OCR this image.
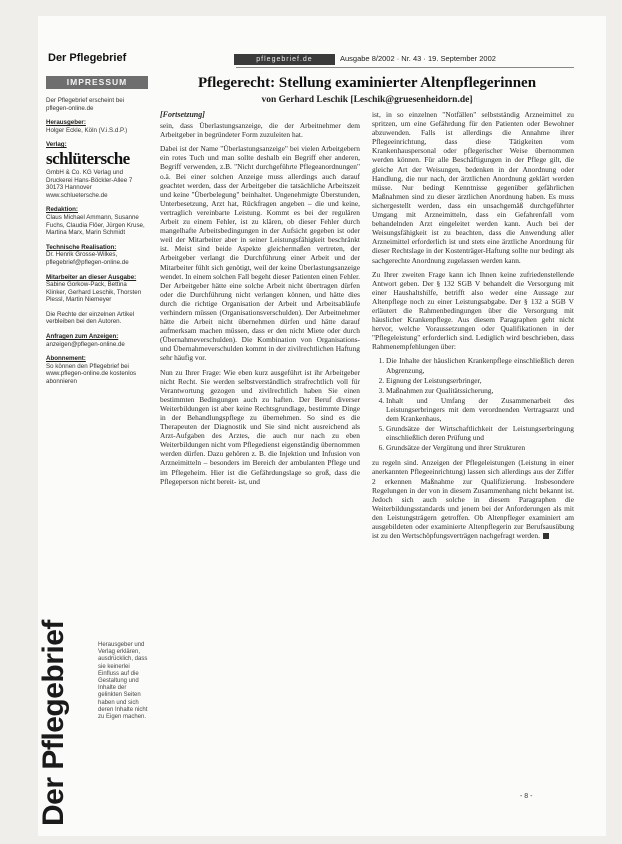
Der Pflegebrief	pflegebrief.de	Ausgabe 8/2002 · Nr. 43 · 19. September 2002
IMPRESSUM
Der Pflegebrief erscheint bei pflegen-online.de
Herausgeber:
Holger Eckle, Köln (V.i.S.d.P.)
Verlag:
schlütersche
GmbH & Co. KG Verlag und Druckerei Hans-Böckler-Allee 7 30173 Hannover www.schluetersche.de
Redaktion:
Claus Michael Ammann, Susanne Fuchs, Claudia Flöer, Jürgen Kruse, Martina Marx, Marin Schmidt
Technische Realisation:
Dr. Henrik Grosse-Wilkes, pflegebrief@pflegen-online.de
Mitarbeiter an dieser Ausgabe:
Sabine Gorkow-Pack, Bettina Klinker, Gerhard Leschik, Thorsten Plessl, Martin Niemeyer
Die Rechte der einzelnen Artikel verbleiben bei den Autoren.
Anfragen zum Anzeigen:
anzeigen@pflegen-online.de
Abonnement:
So können den Pflegebrief bei www.pflegen-online.de kostenlos abonnieren
Der Pflegebrief	Herausgeber und Verlag erklären, ausdrücklich, dass sie keinerlei Einfluss auf die Gestaltung und Inhalte der gelinkten Seiten haben und sich deren Inhalte nicht zu Eigen machen.
Pflegerecht: Stellung examinierter Altenpflegerinnen
von Gerhard Leschik [Leschik@gruesenheidorn.de]
[Fortsetzung]

sein, dass Überlastungsanzeige, die der Arbeitnehmer dem Arbeitgeber in begründeter Form zuzuleiten hat.

Dabei ist der Name "Überlastungsanzeige" bei vielen Arbeitgebern ein rotes Tuch und man sollte deshalb ein Begriff eher anderen, Begriff verwenden, z.B. "Nicht durchgeführte Pflegeanordnungen" o.ä. Bei einer solchen Anzeige muss allerdings auch darauf geachtet werden, dass der Arbeitgeber die tatsächliche Arbeitszeit und keine "Überbelegung" beinhaltet. Ungenehmigte Überstunden, Unterbesetzung, Arzt hat, Rückfragen angeben – die und keine, vertraglich vereinbarte Leistung. Kommt es bei der regulären Arbeit zu einem Fehler, ist zu klären, ob dieser Fehler durch mangelhafte Arbeitsbedingungen in der Aufsicht gegeben ist oder weil der Mitarbeiter aber in seiner Leistungsfähigkeit beschränkt ist. Meist sind beide Aspekte gleichermaßen vertreten, der Arbeitgeber verlangt die Durchführung einer Arbeit und der Mitarbeiter fühlt sich genötigt, weil der keine Überlastungsanzeige wendet. In einem solchen Fall begeht dieser Patienten einen Fehler. Der Arbeitgeber hätte eine solche Arbeit nicht übertragen dürfen oder die Durchführung nicht verlangen können, und hätte dies durch die richtige Organisation der Arbeit und Arbeitsabläufe verhindern müssen (Organisationsverschulden). Der Arbeitnehmer hätte die Arbeit nicht übernehmen dürfen und hätte darauf aufmerksam machen müssen, dass er den nicht Miete oder durch (Übernahmeverschulden). Die Kombination von Organisations- und Übernahmeverschulden kommt in der zivilrechtlichen Haftung sehr häufig vor.

Nun zu Ihrer Frage: Wie eben kurz ausgeführt ist ihr Arbeitgeber nicht Recht. Sie werden selbstverständlich strafrechtlich voll für Verantwortung gezogen und zivilrechtlich haben Sie einen bestimmten Bedingungen auch zu haften. Der Beruf diverser Weiterbildungen ist aber keine Rechtsgrundlage, bestimmte Dinge in der Behandlungspflege zu übernehmen. So sind es die Therapeuten der Diagnostik und Sie sind nicht ausreichend als Arzt-Aufgaben des Arztes, die auch nur nach zu eben Weiterbildungen nicht vom Pflegedienst eigenständig übernommen werden dürfen. Dazu gehören z. B. die Injektion und Infusion von Arzneimitteln – besonders im Bereich der ambulanten Pflege und im Pflegeheim. Hier ist die Gefährdungslage so groß, dass die Pflegeperson nicht bereit- ist, und

ist, in so einzelnen "Notfällen" selbstständig Arzneimittel zu spritzen, um eine Gefährdung für den Patienten oder Bewohner abzuwenden. Falls ist allerdings die Annahme ihrer Pflegeeinrichtung, dass diese Tätigkeiten vom Krankenhauspersonal oder pflegerischer Weise übernommen werden können. Für alle Beschäftigungen in der Pflege gilt, die gleiche Art der Weisungen, bedenken in der Anordnung oder Handlung, die nur nach, der ärztlichen Anordnung geklärt werden müsse. Nur bedingt Kenntnisse gegenüber gefährlichen Maßnahmen sind zu dieser ärztlichen Anordnung haben. Es muss sichergestellt werden, dass ein unsachgemäß durchgeführter Umgang mit Arzneimitteln, dass ein Gefahrenfall vom behandelnden Arzt eingeleitet werden kann. Auch bei der Weisungsfähigkeit ist zu beachten, dass die Anwendung aller Arzneimittel erforderlich ist und stets eine ärztliche Anordnung für dieser Rechtslage in der Kostenträger-Haftung sollte nur bedingt als sachgerechte Anordnung zugelassen werden kann.

Zu Ihrer zweiten Frage kann ich Ihnen keine zufriedenstellende Antwort geben. Der § 132 SGB V behandelt die Versorgung mit einer Haushaltshilfe, betrifft also weder eine Aussage zur Altenpflege noch zu einer Leistungsabgabe. Der § 132 a SGB V erläutert die Rahmenbedingungen über die Versorgung mit häuslicher Krankenpflege. Aus diesem Paragraphen geht nicht hervor, welche Voraussetzungen oder Qualifikationen in der "Pflegeleistung" erforderlich sind. Lediglich wird beschrieben, dass Rahmenempfehlungen über:

1. Die Inhalte der häuslichen Krankenpflege einschließlich deren Abgrenzung,
2. Eignung der Leistungserbringer,
3. Maßnahmen zur Qualitätssicherung,
4. Inhalt und Umfang der Zusammenarbeit des Leistungserbringers mit dem verordnenden Vertragsarzt und dem Krankenhaus,
5. Grundsätze der Wirtschaftlichkeit der Leistungserbringung einschließlich deren Prüfung und
6. Grundsätze der Vergütung und ihrer Strukturen

zu regeln sind. Anzeigen der Pflegeleistungen (Leistung in einer anerkannten Pflegeeinrichtung) lassen sich allerdings aus der Ziffer 2 erkennen Maßnahme zur Qualifizierung. Insbesondere Regelungen in der von in diesem Zusammenhang nicht bekannt ist. Jedoch sich auch solche in diesem Paragraphen die Weiterbildungsstandards und jenem bei der Anforderungen als mit den Leistungsträgern getroffen. Ob Altenpfleger examiniert am ausgebildeten oder examinierte Altenpflegerin zur Berufsausübung ist zu den Wertschöpfungsverträgen nachgefragt werden.

- 8 -
